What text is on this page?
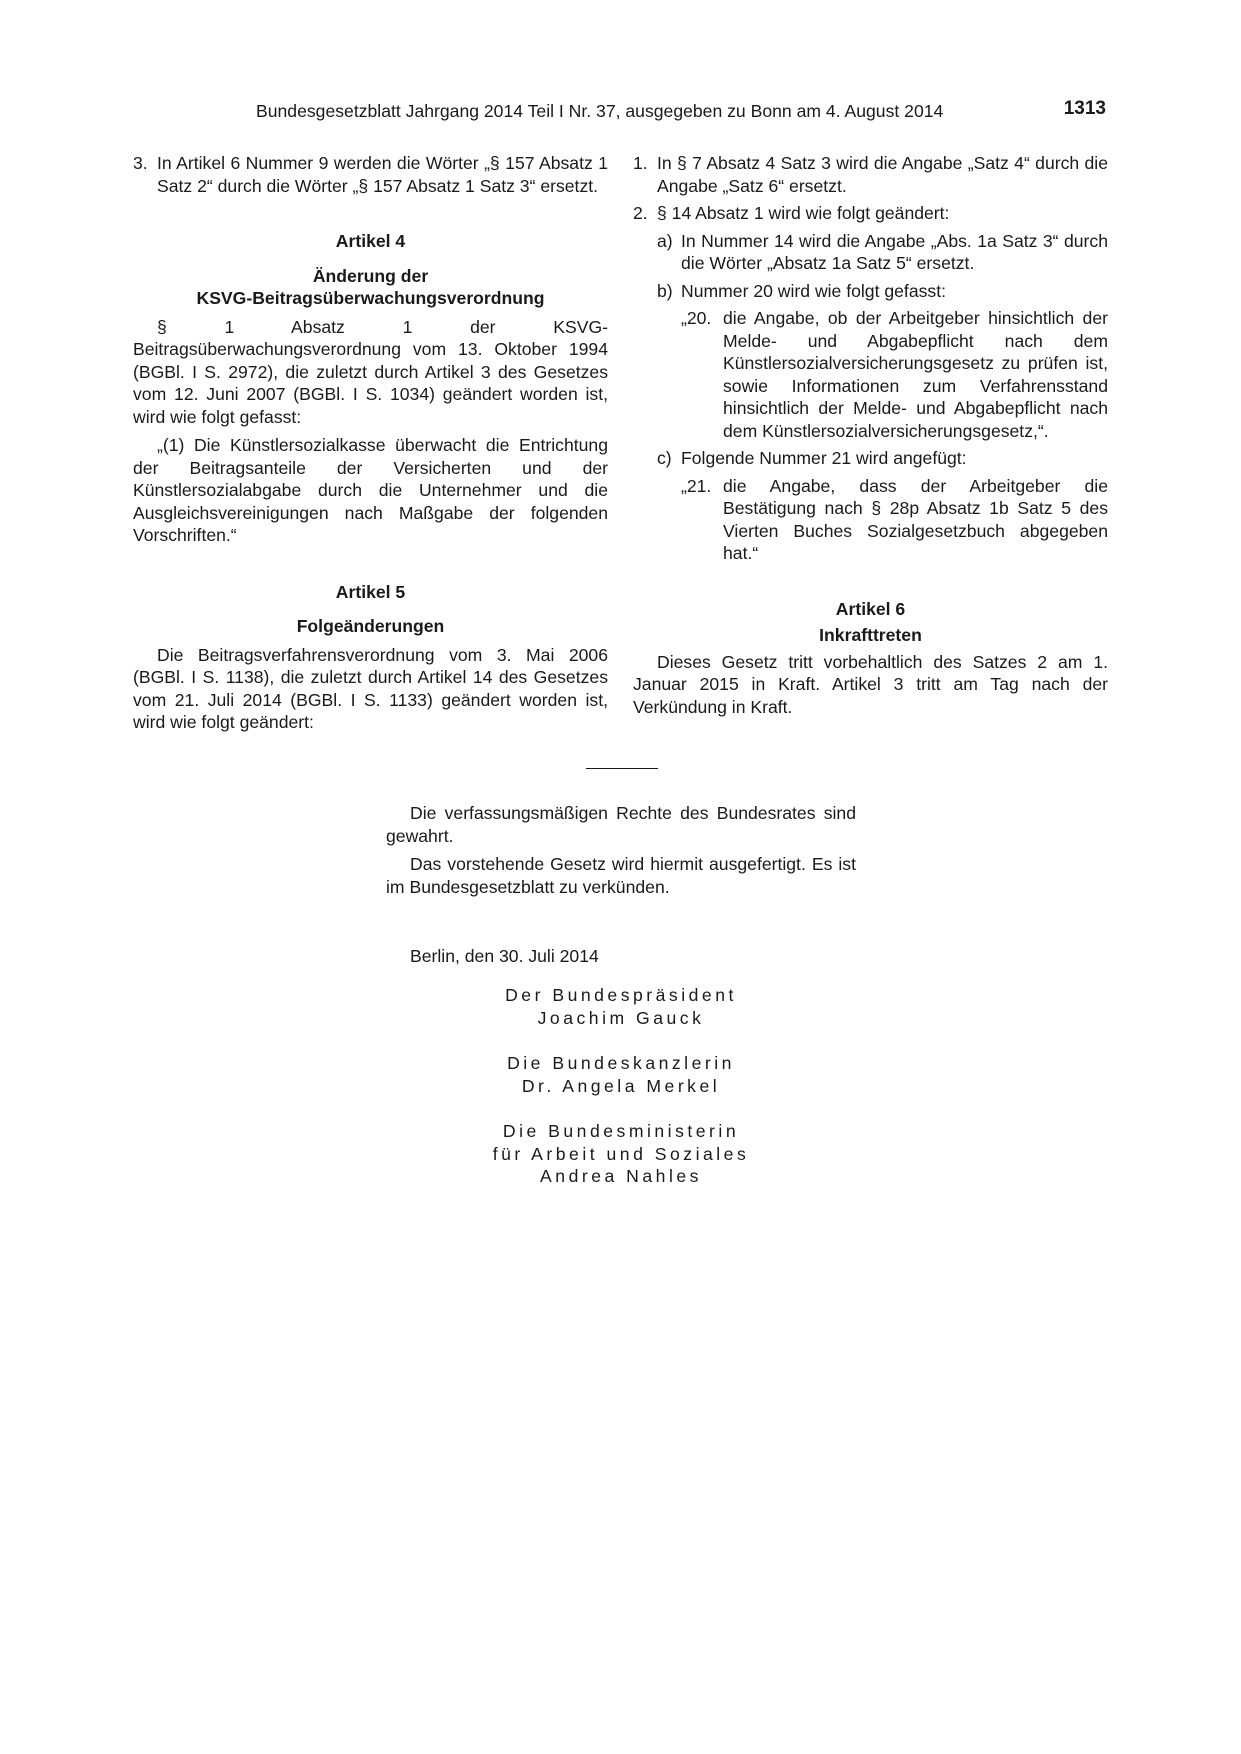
Bundesgesetzblatt Jahrgang 2014 Teil I Nr. 37, ausgegeben zu Bonn am 4. August 2014	1313
3. In Artikel 6 Nummer 9 werden die Wörter „§ 157 Absatz 1 Satz 2“ durch die Wörter „§ 157 Absatz 1 Satz 3“ ersetzt.

Artikel 4

Änderung der

KSVG-Beitragsüberwachungsverordnung

§ 1 Absatz 1 der KSVG-Beitragsüberwachungsverordnung vom 13. Oktober 1994 (BGBl. I S. 2972), die zuletzt durch Artikel 3 des Gesetzes vom 12. Juni 2007 (BGBl. I S. 1034) geändert worden ist, wird wie folgt gefasst:

„(1) Die Künstlersozialkasse überwacht die Entrichtung der Beitragsanteile der Versicherten und der Künstlersozialabgabe durch die Unternehmer und die Ausgleichsvereinigungen nach Maßgabe der folgenden Vorschriften.“

Artikel 5

Folgeänderungen

Die Beitragsverfahrensverordnung vom 3. Mai 2006 (BGBl. I S. 1138), die zuletzt durch Artikel 14 des Gesetzes vom 21. Juli 2014 (BGBl. I S. 1133) geändert worden ist, wird wie folgt geändert:

1. In § 7 Absatz 4 Satz 3 wird die Angabe „Satz 4“ durch die Angabe „Satz 6“ ersetzt.

2. § 14 Absatz 1 wird wie folgt geändert:

a) In Nummer 14 wird die Angabe „Abs. 1a Satz 3“ durch die Wörter „Absatz 1a Satz 5“ ersetzt.

b) Nummer 20 wird wie folgt gefasst:

„20. die Angabe, ob der Arbeitgeber hinsichtlich der Melde- und Abgabepflicht nach dem Künstlersozialversicherungsgesetz zu prüfen ist, sowie Informationen zum Verfahrensstand hinsichtlich der Melde- und Abgabepflicht nach dem Künstlersozialversicherungsgesetz,“.

c) Folgende Nummer 21 wird angefügt:

„21. die Angabe, dass der Arbeitgeber die Bestätigung nach § 28p Absatz 1b Satz 5 des Vierten Buches Sozialgesetzbuch abgegeben hat.“

Artikel 6

Inkrafttreten

Dieses Gesetz tritt vorbehaltlich des Satzes 2 am 1. Januar 2015 in Kraft. Artikel 3 tritt am Tag nach der Verkündung in Kraft.

Die verfassungsmäßigen Rechte des Bundesrates sind gewahrt.

Das vorstehende Gesetz wird hiermit ausgefertigt. Es ist im Bundesgesetzblatt zu verkünden.

Berlin, den 30. Juli 2014

Der Bundespräsident
Joachim Gauck
Die Bundeskanzlerin
Dr. Angela Merkel
Die Bundesministerin
für Arbeit und Soziales
Andrea Nahles
